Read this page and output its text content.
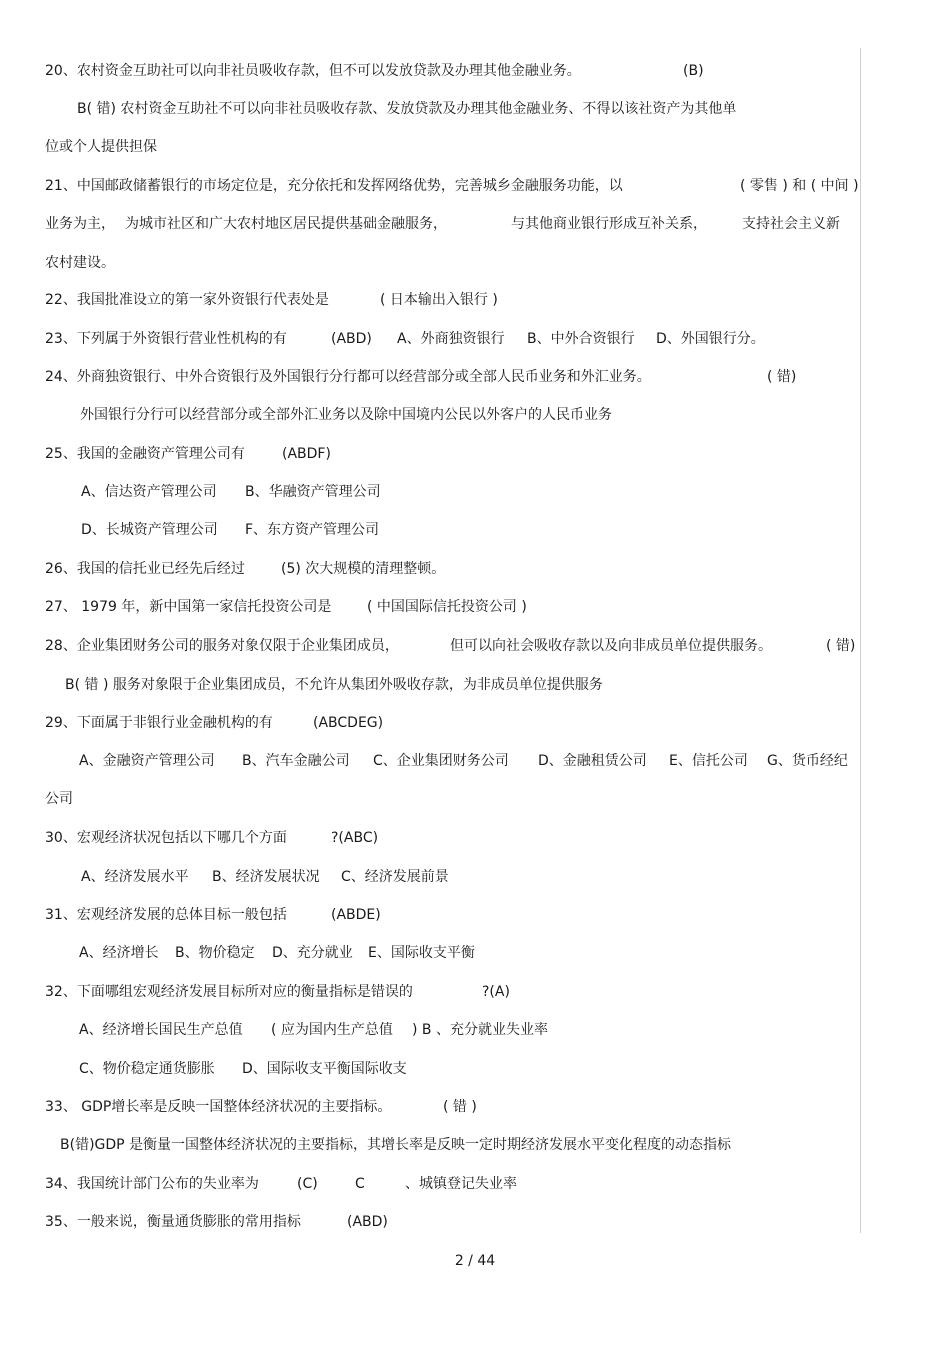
20、农村资金互助社可以向非社员吸收存款，但不可以发放贷款及办理其他金融业务。	(B)
B( 错) 农村资金互助社不可以向非社员吸收存款、发放贷款及办理其他金融业务、不得以该社资产为其他单
位或个人提供担保
21、中国邮政储蓄银行的市场定位是，充分依托和发挥网络优势，完善城乡金融服务功能，以	( 零售 ) 和 ( 中间 )
业务为主， 为城市社区和广大农村地区居民提供基础金融服务，	与其他商业银行形成互补关系，	支持社会主义新
农村建设。
22、我国批准设立的第一家外资银行代表处是	( 日本输出入银行 )
23、下列属于外资银行营业性机构的有	(ABD) A、外商独资银行 B、中外合资银行 D、外国银行分。
24、外商独资银行、中外合资银行及外国银行分行都可以经营部分或全部人民币业务和外汇业务。	( 错)
外国银行分行可以经营部分或全部外汇业务以及除中国境内公民以外客户的人民币业务
25、我国的金融资产管理公司有	(ABDF)
A、信达资产管理公司 B、华融资产管理公司
D、长城资产管理公司 F、东方资产管理公司
26、我国的信托业已经先后经过	(5) 次大规模的清理整顿。
27、 1979 年，新中国第一家信托投资公司是	( 中国国际信托投资公司 )
28、企业集团财务公司的服务对象仅限于企业集团成员，	但可以向社会吸收存款以及向非成员单位提供服务。	( 错)
B( 错 ) 服务对象限于企业集团成员，不允许从集团外吸收存款，为非成员单位提供服务
29、下面属于非银行业金融机构的有	(ABCDEG)
A、金融资产管理公司 B、汽车金融公司 C、企业集团财务公司 D、金融租赁公司 E、信托公司 G、货币经纪
公司
30、宏观经济状况包括以下哪几个方面	?(ABC)
A、经济发展水平 B、经济发展状况 C、经济发展前景
31、宏观经济发展的总体目标一般包括	(ABDE)
A、经济增长 B、物价稳定 D、充分就业 E、国际收支平衡
32、下面哪组宏观经济发展目标所对应的衡量指标是错误的	?(A)
A、经济增长国民生产总值 ( 应为国内生产总值 ) B 、充分就业失业率
C、物价稳定通货膨胀 D、国际收支平衡国际收支
33、 GDP增长率是反映一国整体经济状况的主要指标。	( 错 )
B(错)GDP 是衡量一国整体经济状况的主要指标，其增长率是反映一定时期经济发展水平变化程度的动态指标
34、我国统计部门公布的失业率为	(C)	C	、城镇登记失业率
35、一般来说，衡量通货膨胀的常用指标	(ABD)
2 / 44
